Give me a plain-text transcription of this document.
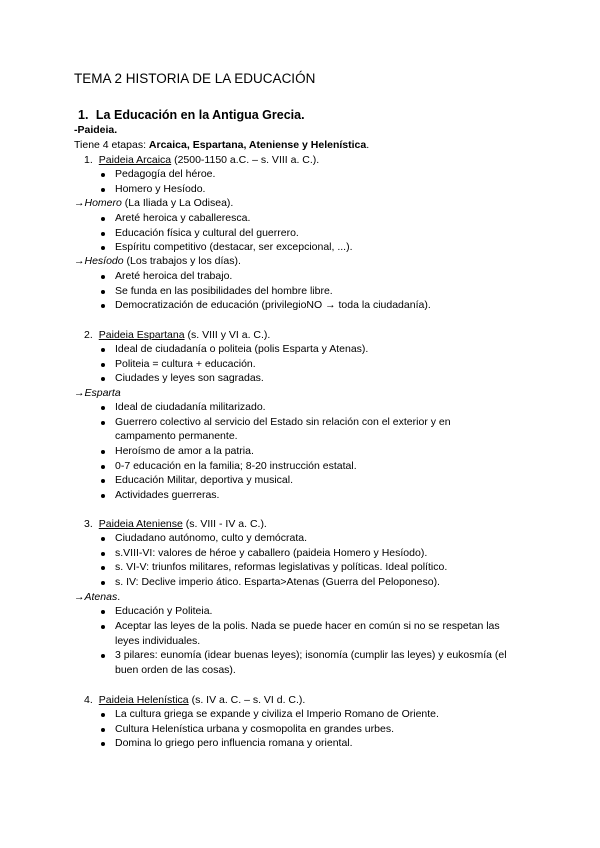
TEMA 2 HISTORIA DE LA EDUCACIÓN
1. La Educación en la Antigua Grecia.
-Paideia.
Tiene 4 etapas: Arcaica, Espartana, Ateniense y Helenística.
1. Paideia Arcaica (2500-1150 a.C. – s. VIII a. C.).
Pedagogía del héroe.
Homero y Hesíodo.
→Homero (La Iliada y La Odisea).
Areté heroica y caballeresca.
Educación física y cultural del guerrero.
Espíritu competitivo (destacar, ser excepcional, ...).
→Hesíodo (Los trabajos y los días).
Areté heroica del trabajo.
Se funda en las posibilidades del hombre libre.
Democratización de educación (privilegioNO → toda la ciudadanía).
2. Paideia Espartana (s. VIII y VI a. C.).
Ideal de ciudadanía o politeia (polis Esparta y Atenas).
Politeia = cultura + educación.
Ciudades y leyes son sagradas.
→Esparta
Ideal de ciudadanía militarizado.
Guerrero colectivo al servicio del Estado sin relación con el exterior y en
campamento permanente.
Heroísmo de amor a la patria.
0-7 educación en la familia; 8-20 instrucción estatal.
Educación Militar, deportiva y musical.
Actividades guerreras.
3. Paideia Ateniense (s. VIII - IV a. C.).
Ciudadano autónomo, culto y demócrata.
s.VIII-VI: valores de héroe y caballero (paideia Homero y Hesíodo).
s. VI-V: triunfos militares, reformas legislativas y políticas. Ideal político.
s. IV: Declive imperio ático. Esparta>Atenas (Guerra del Peloponeso).
→Atenas.
Educación y Politeia.
Aceptar las leyes de la polis. Nada se puede hacer en común si no se respetan las
leyes individuales.
3 pilares: eunomía (idear buenas leyes); isonomía (cumplir las leyes) y eukosmía (el
buen orden de las cosas).
4. Paideia Helenística (s. IV a. C. – s. VI d. C.).
La cultura griega se expande y civiliza el Imperio Romano de Oriente.
Cultura Helenística urbana y cosmopolita en grandes urbes.
Domina lo griego pero influencia romana y oriental.
